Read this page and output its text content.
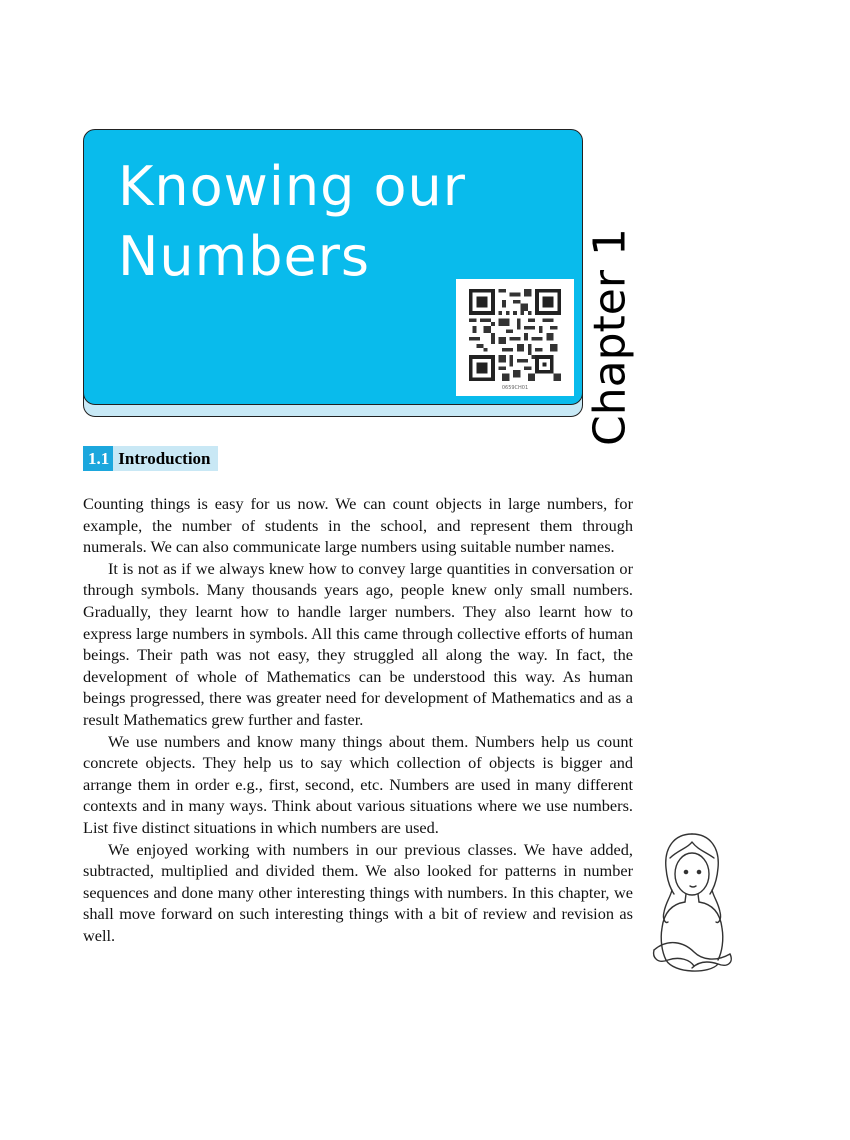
Knowing our
Numbers
0659CH01	Chapter 1
1.1 Introduction

Counting things is easy for us now. We can count objects in large numbers, for example, the number of students in the school, and represent them through numerals. We can also communicate large numbers using suitable number names.

It is not as if we always knew how to convey large quantities in conversation or through symbols. Many thousands years ago, people knew only small numbers. Gradually, they learnt how to handle larger numbers. They also learnt how to express large numbers in symbols. All this came through collective efforts of human beings. Their path was not easy, they struggled all along the way. In fact, the development of whole of Mathematics can be understood this way. As human beings progressed, there was greater need for development of Mathematics and as a result Mathematics grew further and faster.

We use numbers and know many things about them. Numbers help us count concrete objects. They help us to say which collection of objects is bigger and arrange them in order e.g., first, second, etc. Numbers are used in many different contexts and in many ways. Think about various situations where we use numbers. List five distinct situations in which numbers are used.

We enjoyed working with numbers in our previous classes. We have added, subtracted, multiplied and divided them. We also looked for patterns in number sequences and done many other interesting things with numbers. In this chapter, we shall move forward on such interesting things with a bit of review and revision as well.
